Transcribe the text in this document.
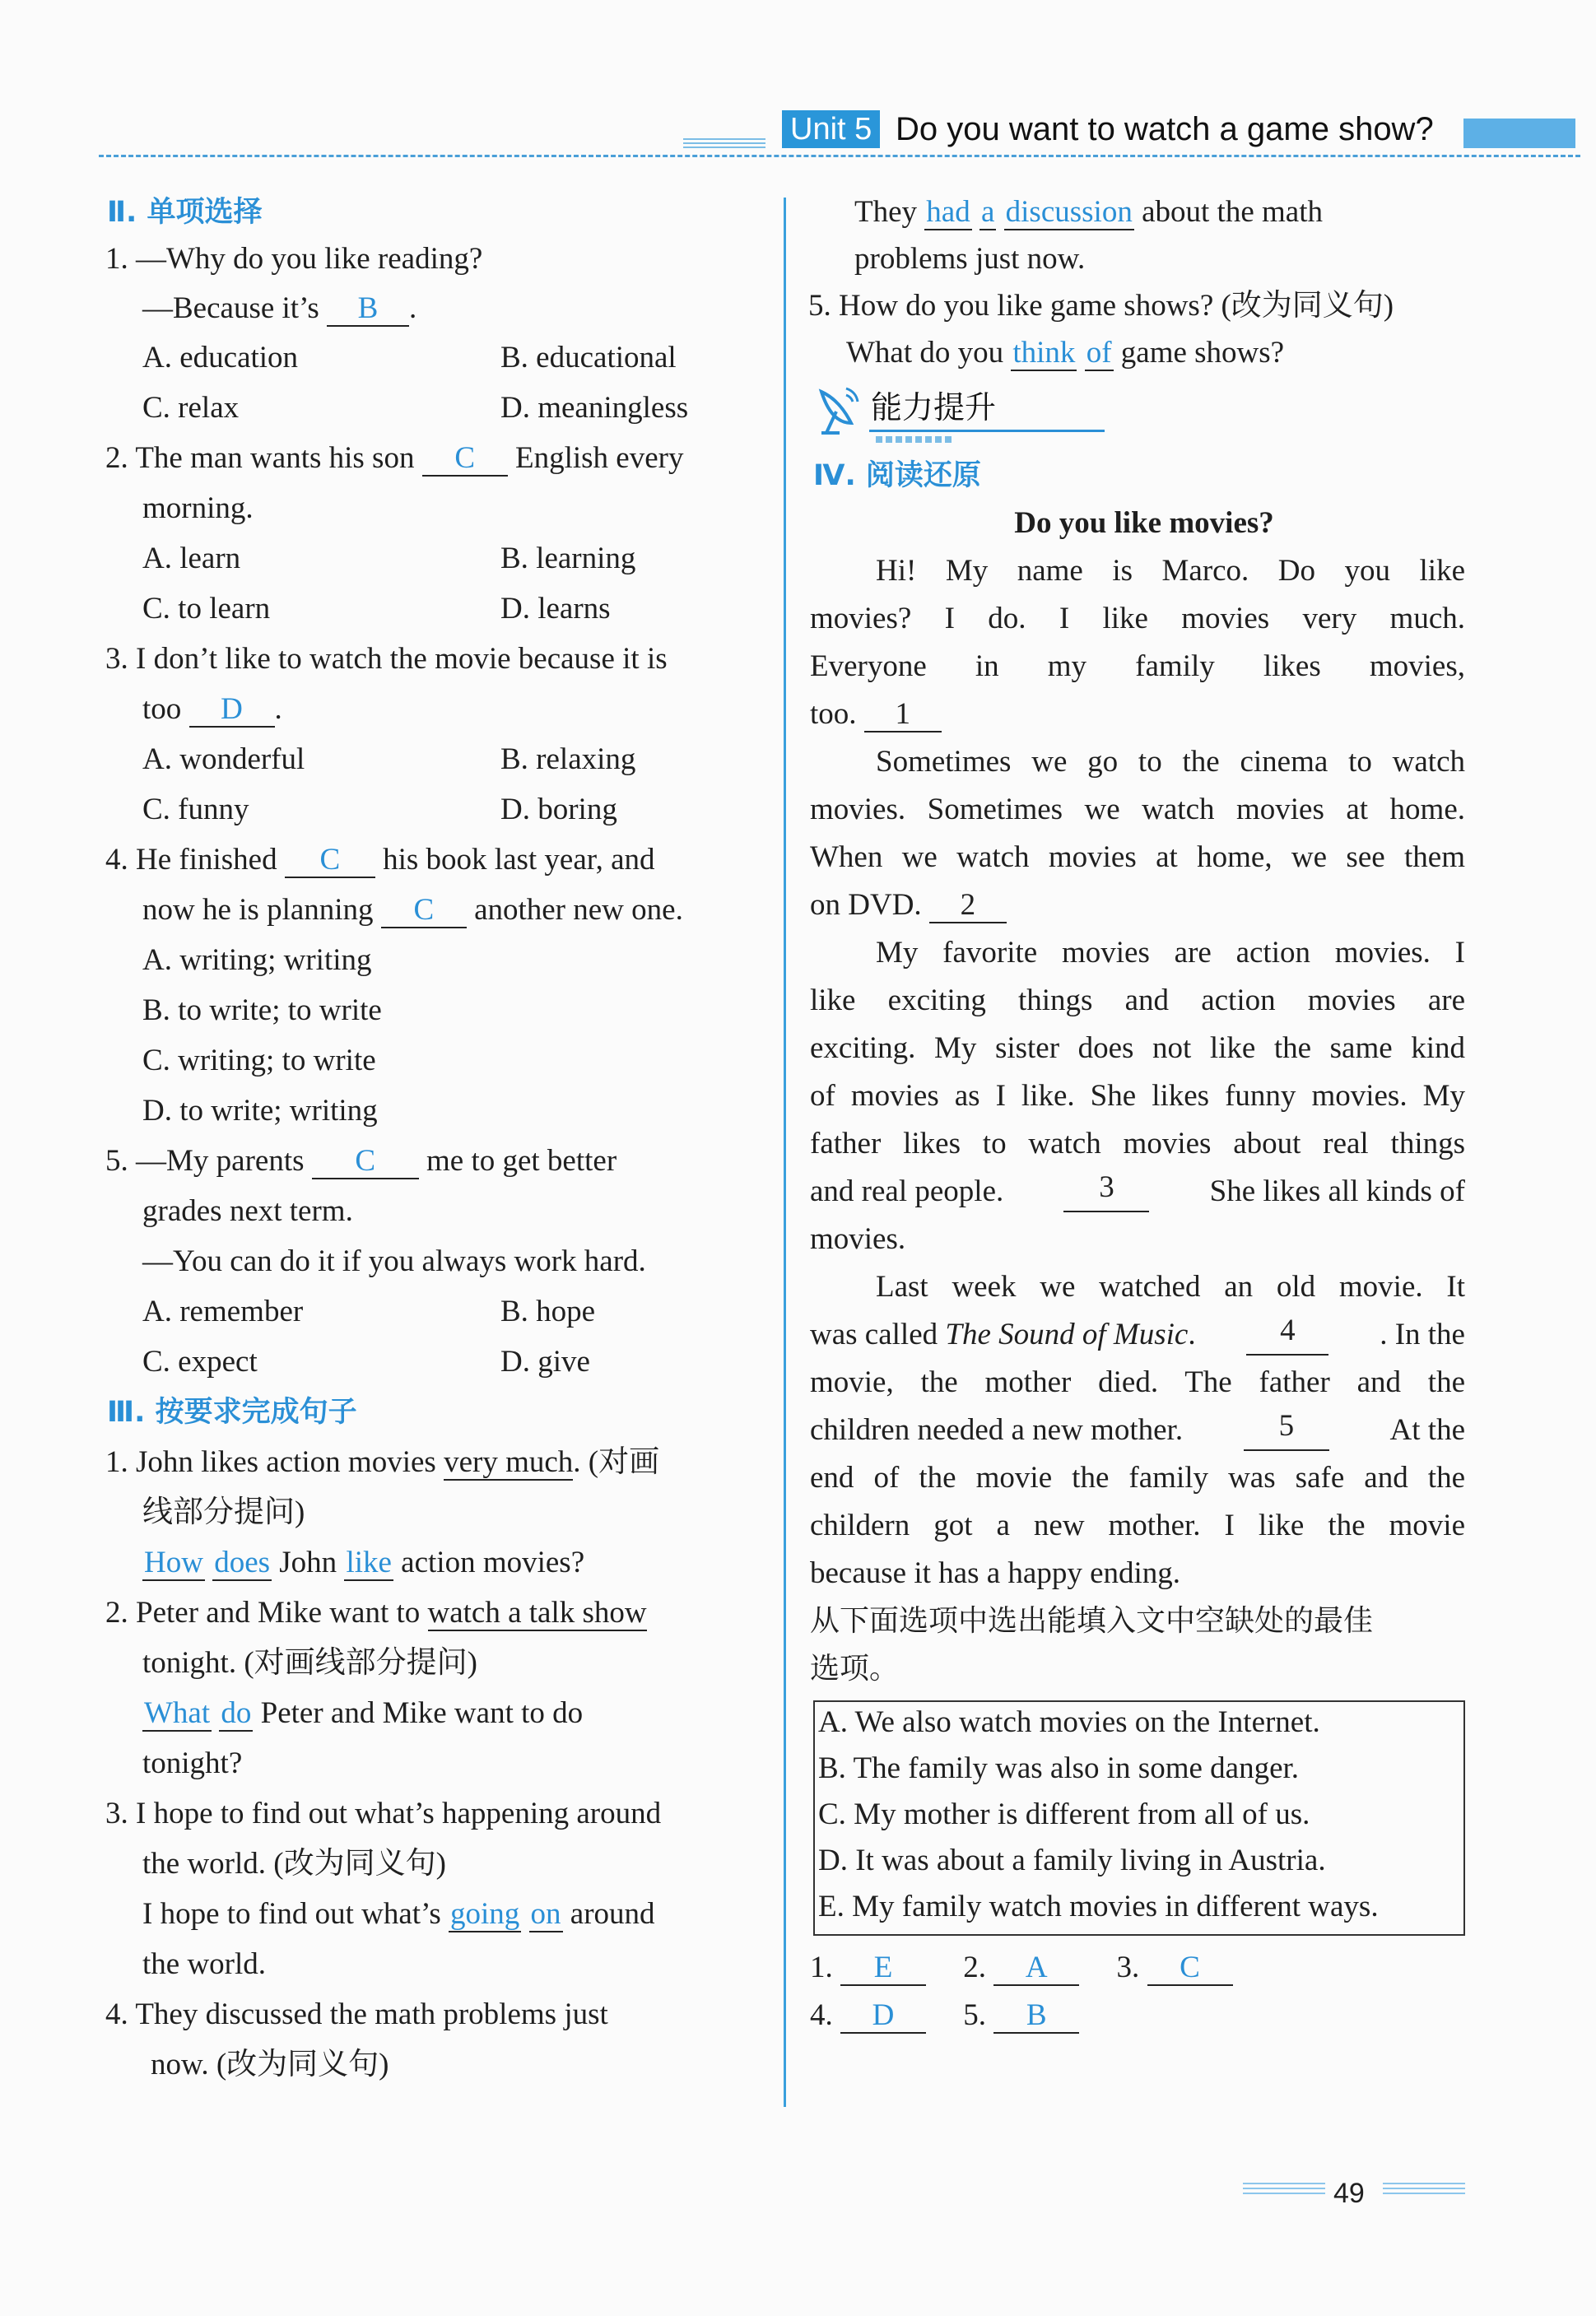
Unit 5 Do you want to watch a game show?
Ⅱ. 单项选择
1. —Why do you like reading?
—Because it’s B .
A. education	B. educational
C. relax	D. meaningless
2. The man wants his son C English every
morning.
A. learn	B. learning
C. to learn	D. learns
3. I don’t like to watch the movie because it is
too D .
A. wonderful	B. relaxing
C. funny	D. boring
4. He finished C his book last year, and
now he is planning C another new one.
A. writing; writing
B. to write; to write
C. writing; to write
D. to write; writing
5. —My parents C me to get better
grades next term.
—You can do it if you always work hard.
A. remember	B. hope
C. expect	D. give
Ⅲ. 按要求完成句子
1. John likes action movies very much. (对画
线部分提问)
How does John like action movies?
2. Peter and Mike want to watch a talk show
tonight. (对画线部分提问)
What do Peter and Mike want to do
tonight?
3. I hope to find out what’s happening around
the world. (改为同义句)
I hope to find out what’s going on around
the world.
4. They discussed the math problems just
now. (改为同义句)
They had a discussion about the math
problems just now.
5. How do you like game shows? (改为同义句)
What do you think of game shows?
能力提升
Ⅳ. 阅读还原
Do you like movies?
Hi! My name is Marco. Do you like
movies? I do. I like movies very much.
Everyone in my family likes movies,
too. 1
Sometimes we go to the cinema to watch
movies. Sometimes we watch movies at home.
When we watch movies at home, we see them
on DVD. 2
My favorite movies are action movies. I
like exciting things and action movies are
exciting. My sister does not like the same kind
of movies as I like. She likes funny movies. My
father likes to watch movies about real things
and real people.	3	She likes all kinds of
movies.
Last week we watched an old movie. It
was called The Sound of Music.	4	. In the
movie, the mother died. The father and the
children needed a new mother.	5	At the
end of the movie the family was safe and the
childern got a new mother. I like the movie
because it has a happy ending.
从下面选项中选出能填入文中空缺处的最佳
选项。
A. We also watch movies on the Internet.
B. The family was also in some danger.
C. My mother is different from all of us.
D. It was about a family living in Austria.
E. My family watch movies in different ways.
1. E 2. A 3. C
4. D 5. B
49
